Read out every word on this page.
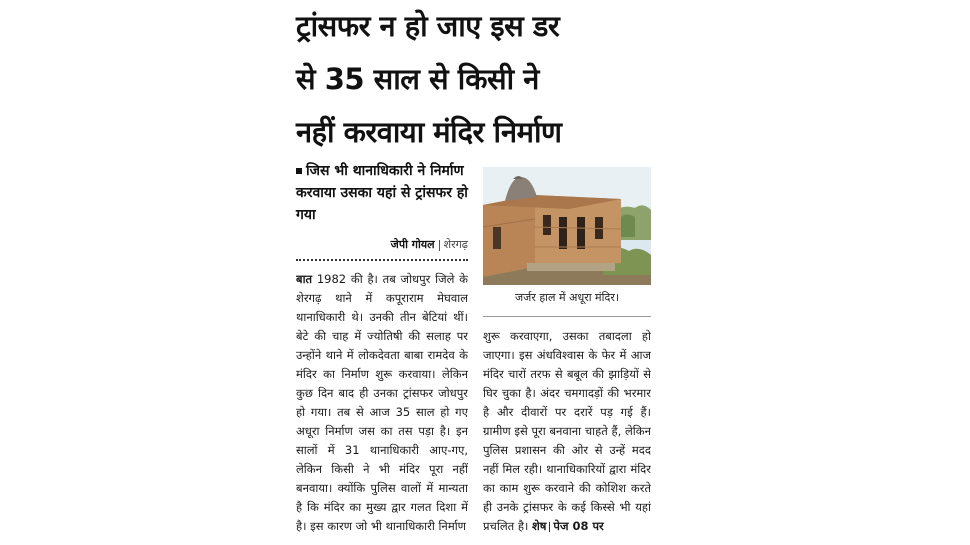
ट्रांसफर न हो जाए इस डर
से 35 साल से किसी ने
नहीं करवाया मंदिर निर्माण
जिस भी थानाधिकारी ने निर्माण करवाया उसका यहां से ट्रांसफर हो गया
जेपी गोयल शेरगढ़
बात 1982 की है। तब जोधपुर जिले के शेरगढ़ थाने में कपूराराम मेघवाल थानाधिकारी थे। उनकी तीन बेटियां थीं। बेटे की चाह में ज्योतिषी की सलाह पर उन्होंने थाने में लोकदेवता बाबा रामदेव के मंदिर का निर्माण शुरू करवाया। लेकिन कुछ दिन बाद ही उनका ट्रांसफर जोधपुर हो गया। तब से आज 35 साल हो गए अधूरा निर्माण जस का तस पड़ा है। इन सालों में 31 थानाधिकारी आए-गए, लेकिन किसी ने भी मंदिर पूरा नहीं बनवाया। क्योंकि पुलिस वालों में मान्यता है कि मंदिर का मुख्य द्वार गलत दिशा में है। इस कारण जो भी थानाधिकारी निर्माण
जर्जर हाल में अधूरा मंदिर।
शुरू करवाएगा, उसका तबादला हो जाएगा। इस अंधविश्वास के फेर में आज मंदिर चारों तरफ से बबूल की झाड़ियों से घिर चुका है। अंदर चमगादड़ों की भरमार है और दीवारों पर दरारें पड़ गई हैं। ग्रामीण इसे पूरा बनवाना चाहते हैं, लेकिन पुलिस प्रशासन की ओर से उन्हें मदद नहीं मिल रही। थानाधिकारियों द्वारा मंदिर का काम शुरू करवाने की कोशिश करते ही उनके ट्रांसफर के कई किस्से भी यहां प्रचलित है। शेष पेज 08 पर
